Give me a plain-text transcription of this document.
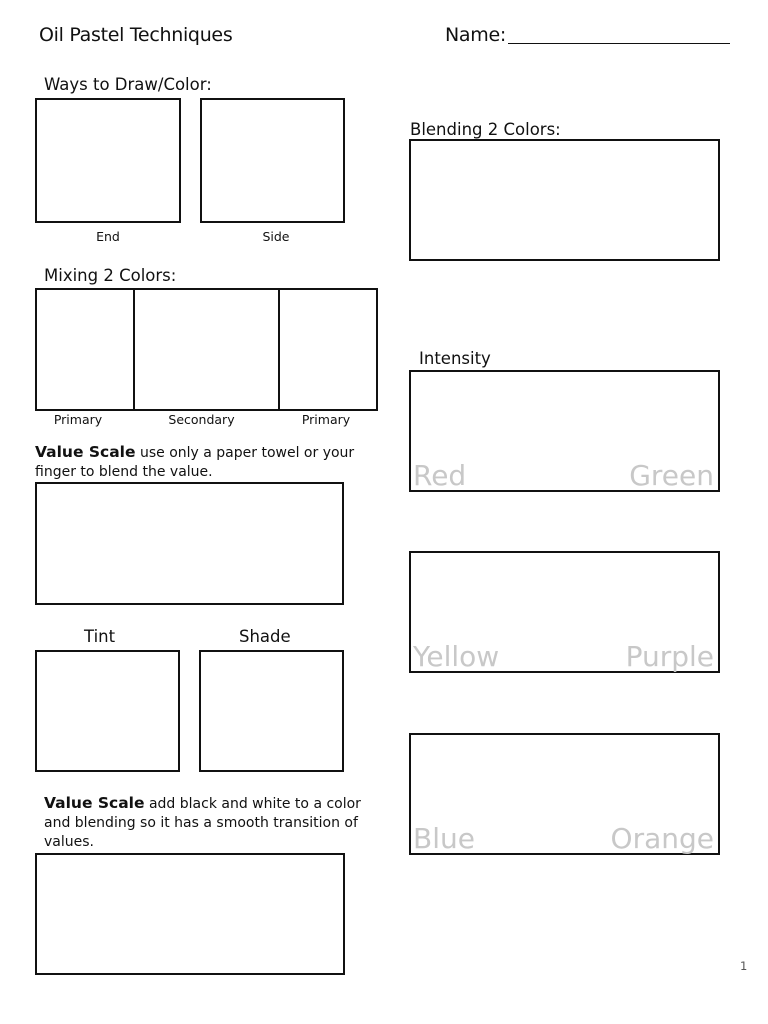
Oil Pastel Techniques	Name:
Ways to Draw/Color:
End	Side
Mixing 2 Colors:
Primary	Secondary	Primary
Value Scale use only a paper towel or your finger to blend the value.
Tint	Shade
Value Scale add black and white to a color and blending so it has a smooth transition of values.
Blending 2 Colors:
Intensity
Red	Green
Yellow	Purple
Blue	Orange
1
